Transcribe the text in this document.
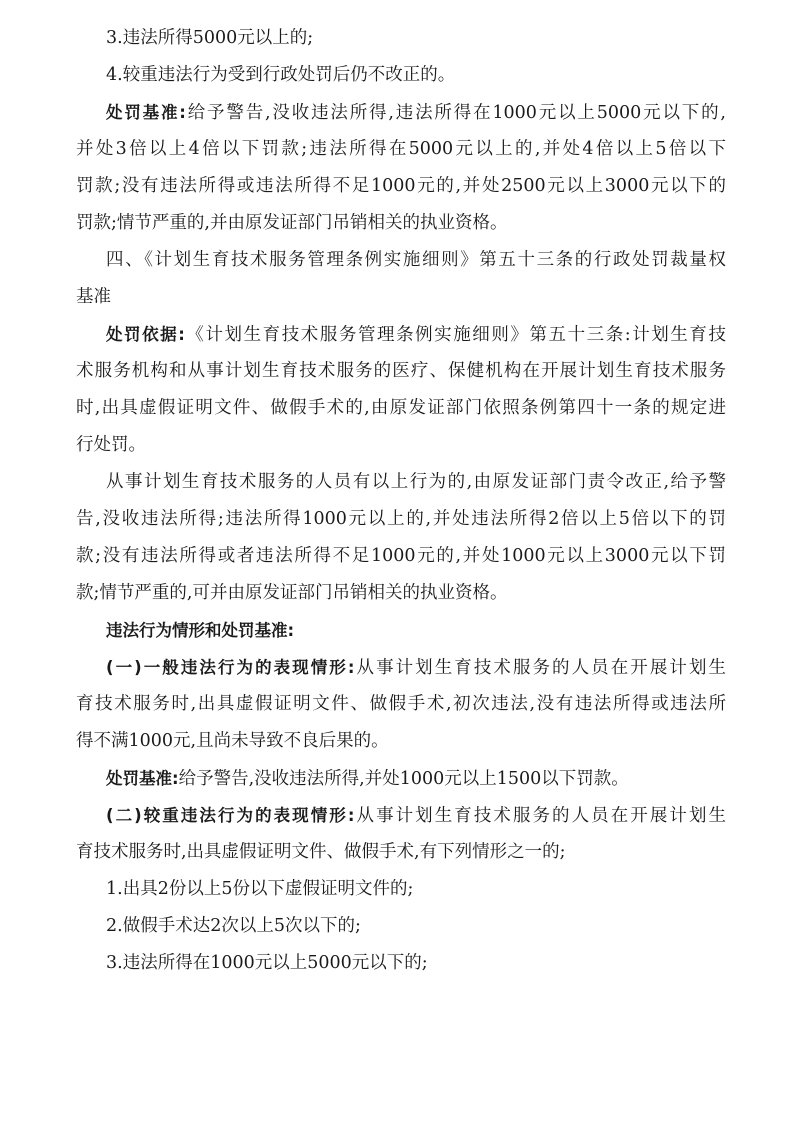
3.违法所得5000元以上的;
4.较重违法行为受到行政处罚后仍不改正的。
处罚基准:给予警告,没收违法所得,违法所得在1000元以上5000元以下的,
并处3倍以上4倍以下罚款;违法所得在5000元以上的,并处4倍以上5倍以下
罚款;没有违法所得或违法所得不足1000元的,并处2500元以上3000元以下的
罚款;情节严重的,并由原发证部门吊销相关的执业资格。
四、《计划生育技术服务管理条例实施细则》第五十三条的行政处罚裁量权
基准
处罚依据:《计划生育技术服务管理条例实施细则》第五十三条:计划生育技
术服务机构和从事计划生育技术服务的医疗、保健机构在开展计划生育技术服务
时,出具虚假证明文件、做假手术的,由原发证部门依照条例第四十一条的规定进
行处罚。
从事计划生育技术服务的人员有以上行为的,由原发证部门责令改正,给予警
告,没收违法所得;违法所得1000元以上的,并处违法所得2倍以上5倍以下的罚
款;没有违法所得或者违法所得不足1000元的,并处1000元以上3000元以下罚
款;情节严重的,可并由原发证部门吊销相关的执业资格。
违法行为情形和处罚基准:
(一)一般违法行为的表现情形:从事计划生育技术服务的人员在开展计划生
育技术服务时,出具虚假证明文件、做假手术,初次违法,没有违法所得或违法所
得不满1000元,且尚未导致不良后果的。
处罚基准:给予警告,没收违法所得,并处1000元以上1500以下罚款。
(二)较重违法行为的表现情形:从事计划生育技术服务的人员在开展计划生
育技术服务时,出具虚假证明文件、做假手术,有下列情形之一的;
1.出具2份以上5份以下虚假证明文件的;
2.做假手术达2次以上5次以下的;
3.违法所得在1000元以上5000元以下的;
